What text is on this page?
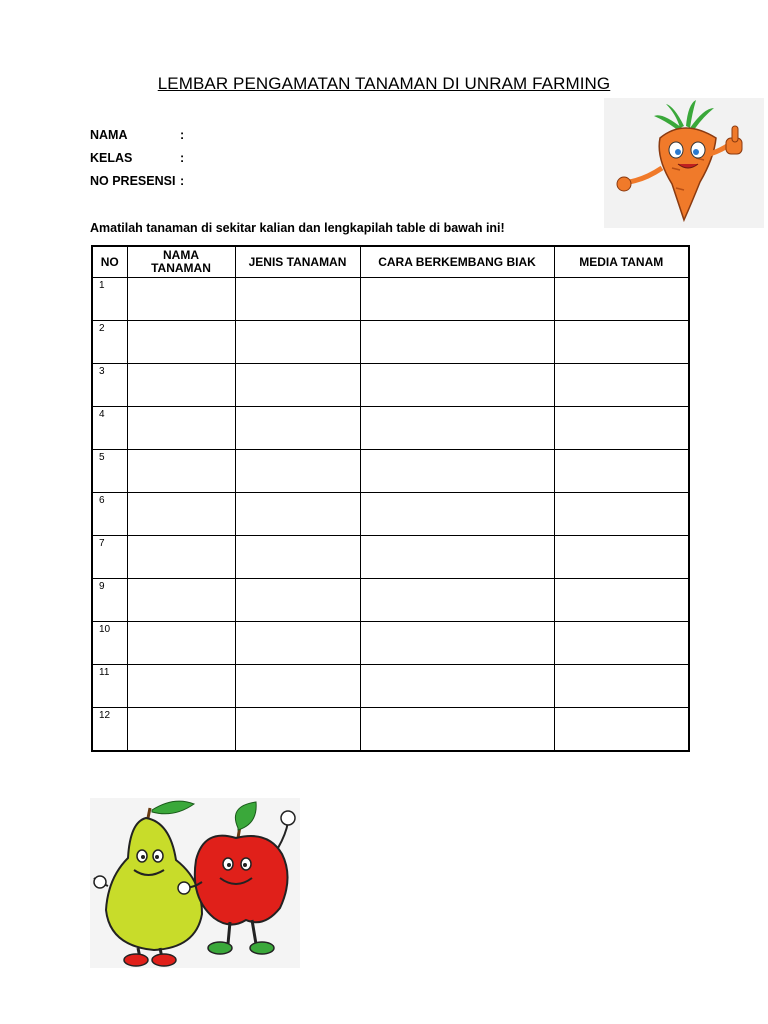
LEMBAR PENGAMATAN TANAMAN DI UNRAM FARMING
NAMA	:
KELAS	:
NO PRESENSI :
Amatilah tanaman di sekitar kalian dan lengkapilah table di bawah ini!
NO	NAMA
TANAMAN	JENIS TANAMAN	CARA BERKEMBANG BIAK	MEDIA TANAM
1				
2				
3				
4				
5				
6				
7				
9				
10				
11				
12				
